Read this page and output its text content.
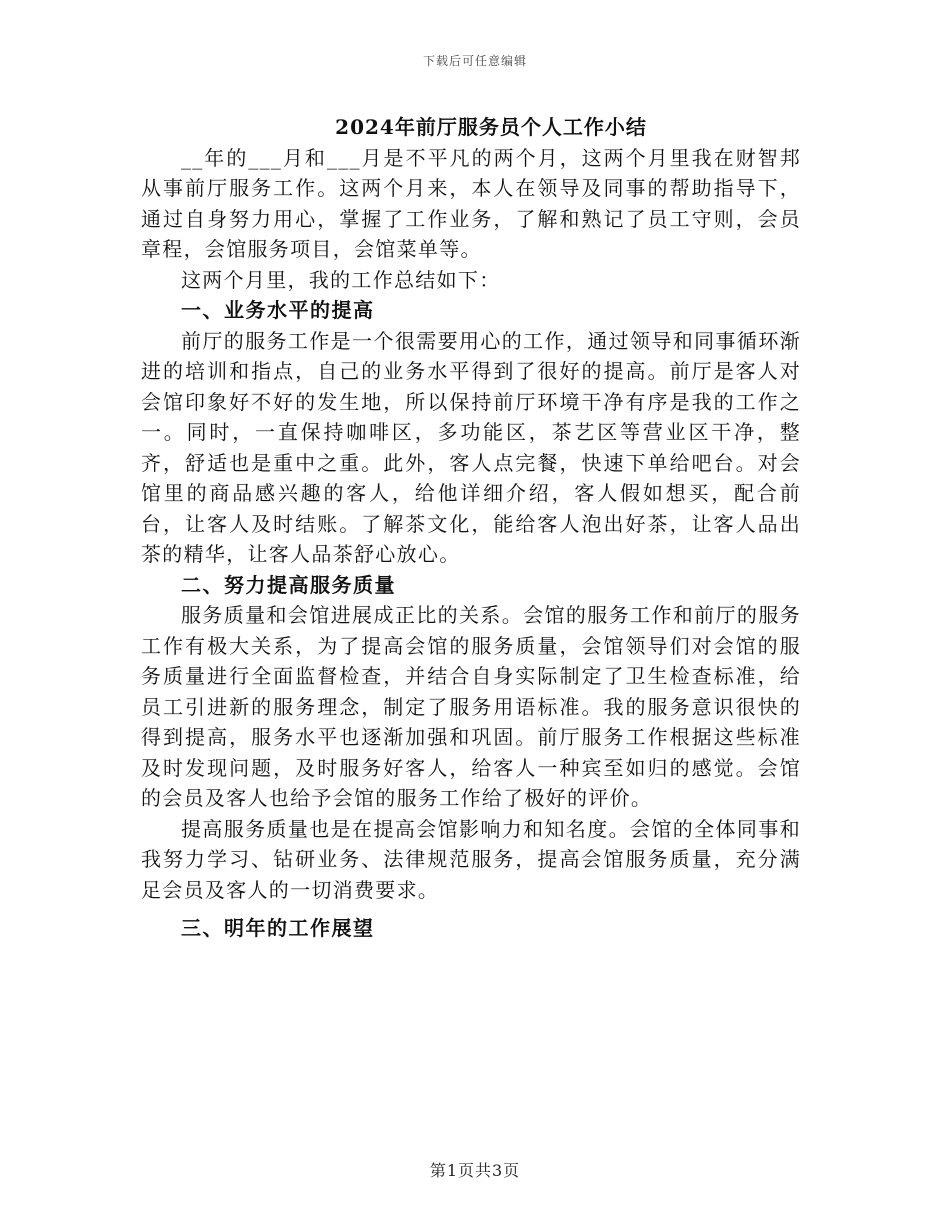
下载后可任意编辑

2024年前厅服务员个人工作小结

__年的___月和___月是不平凡的两个月，这两个月里我在财智邦从事前厅服务工作。这两个月来，本人在领导及同事的帮助指导下，通过自身努力用心，掌握了工作业务，了解和熟记了员工守则，会员章程，会馆服务项目，会馆菜单等。

这两个月里，我的工作总结如下：

一、业务水平的提高

前厅的服务工作是一个很需要用心的工作，通过领导和同事循环渐进的培训和指点，自己的业务水平得到了很好的提高。前厅是客人对会馆印象好不好的发生地，所以保持前厅环境干净有序是我的工作之一。同时，一直保持咖啡区，多功能区，茶艺区等营业区干净，整齐，舒适也是重中之重。此外，客人点完餐，快速下单给吧台。对会馆里的商品感兴趣的客人，给他详细介绍，客人假如想买，配合前台，让客人及时结账。了解茶文化，能给客人泡出好茶，让客人品出茶的精华，让客人品茶舒心放心。

二、努力提高服务质量

服务质量和会馆进展成正比的关系。会馆的服务工作和前厅的服务工作有极大关系，为了提高会馆的服务质量，会馆领导们对会馆的服务质量进行全面监督检查，并结合自身实际制定了卫生检查标准，给员工引进新的服务理念，制定了服务用语标准。我的服务意识很快的得到提高，服务水平也逐渐加强和巩固。前厅服务工作根据这些标准及时发现问题，及时服务好客人，给客人一种宾至如归的感觉。会馆的会员及客人也给予会馆的服务工作给了极好的评价。

提高服务质量也是在提高会馆影响力和知名度。会馆的全体同事和我努力学习、钻研业务、法律规范服务，提高会馆服务质量，充分满足会员及客人的一切消费要求。

三、明年的工作展望

第1页共3页
